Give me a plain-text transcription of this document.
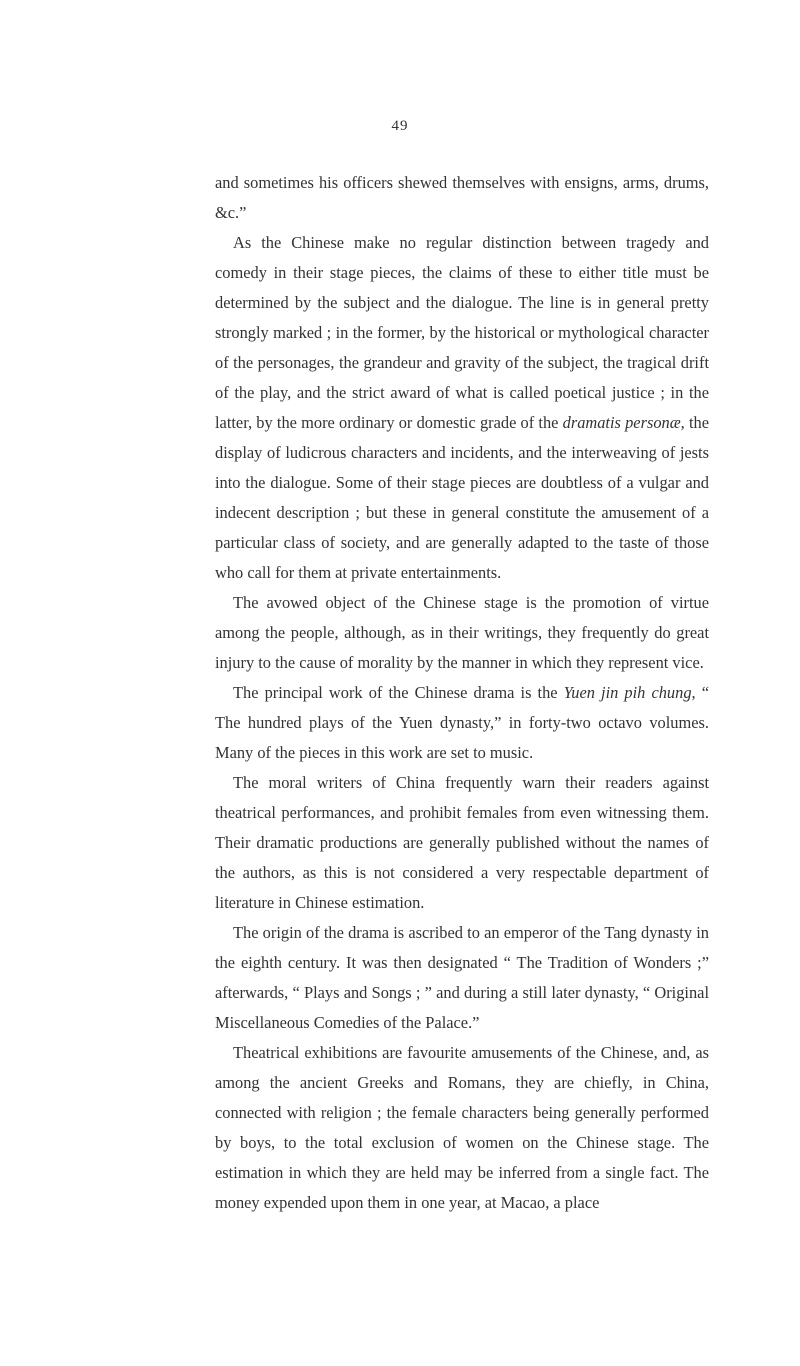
49

and sometimes his officers shewed themselves with ensigns, arms, drums, &c.”

As the Chinese make no regular distinction between tragedy and comedy in their stage pieces, the claims of these to either title must be determined by the subject and the dialogue. The line is in general pretty strongly marked ; in the former, by the historical or mythological character of the personages, the grandeur and gravity of the subject, the tragical drift of the play, and the strict award of what is called poetical justice ; in the latter, by the more ordinary or domestic grade of the dramatis personæ, the display of ludicrous characters and incidents, and the interweaving of jests into the dialogue. Some of their stage pieces are doubtless of a vulgar and indecent description ; but these in general constitute the amusement of a particular class of society, and are generally adapted to the taste of those who call for them at private entertainments.

The avowed object of the Chinese stage is the promotion of virtue among the people, although, as in their writings, they frequently do great injury to the cause of morality by the manner in which they represent vice.

The principal work of the Chinese drama is the Yuen jin pih chung, “ The hundred plays of the Yuen dynasty,” in forty-two octavo volumes. Many of the pieces in this work are set to music.

The moral writers of China frequently warn their readers against theatrical performances, and prohibit females from even witnessing them. Their dramatic productions are generally published without the names of the authors, as this is not considered a very respectable department of literature in Chinese estimation.

The origin of the drama is ascribed to an emperor of the Tang dynasty in the eighth century. It was then designated “ The Tradition of Wonders ;” afterwards, “ Plays and Songs ; ” and during a still later dynasty, “ Original Miscellaneous Comedies of the Palace.”

Theatrical exhibitions are favourite amusements of the Chinese, and, as among the ancient Greeks and Romans, they are chiefly, in China, connected with religion ; the female characters being generally performed by boys, to the total exclusion of women on the Chinese stage. The estimation in which they are held may be inferred from a single fact. The money expended upon them in one year, at Macao, a place
